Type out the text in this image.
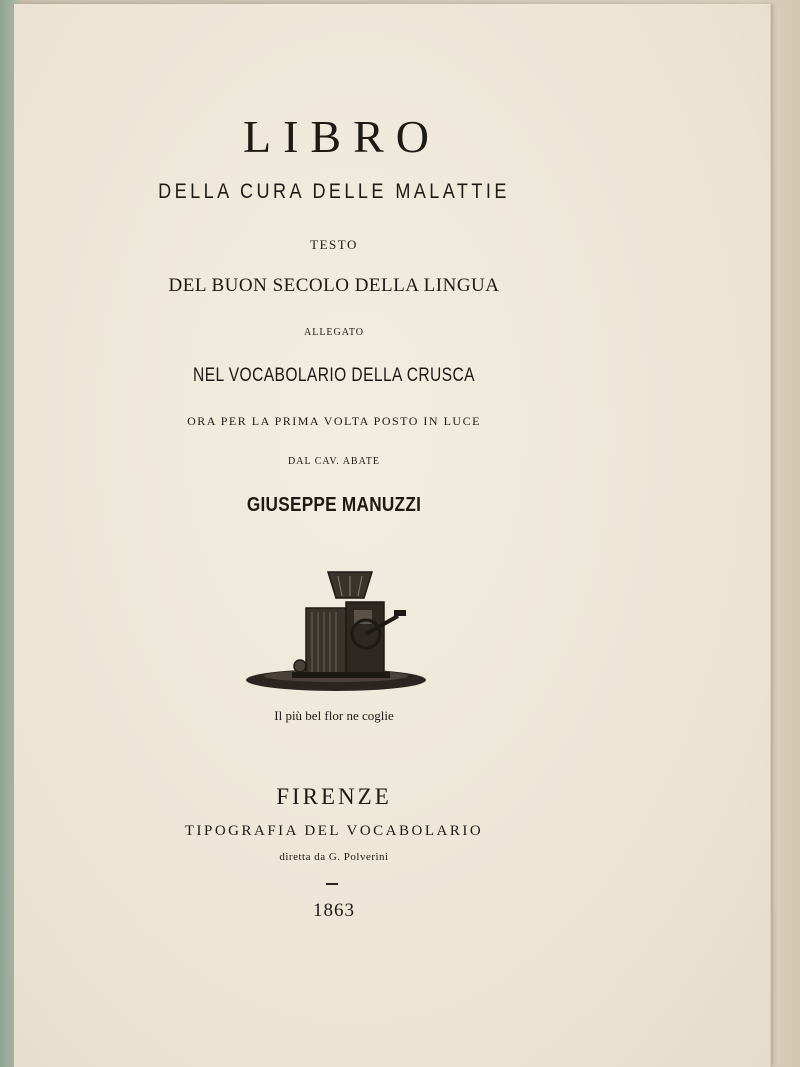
LIBRO
DELLA CURA DELLE MALATTIE
TESTO
DEL BUON SECOLO DELLA LINGUA
ALLEGATO
NEL VOCABOLARIO DELLA CRUSCA
ORA PER LA PRIMA VOLTA POSTO IN LUCE
DAL CAV. ABATE
GIUSEPPE MANUZZI
Il più bel flor ne coglie
FIRENZE
TIPOGRAFIA DEL VOCABOLARIO
diretta da G. Polverini
1863
